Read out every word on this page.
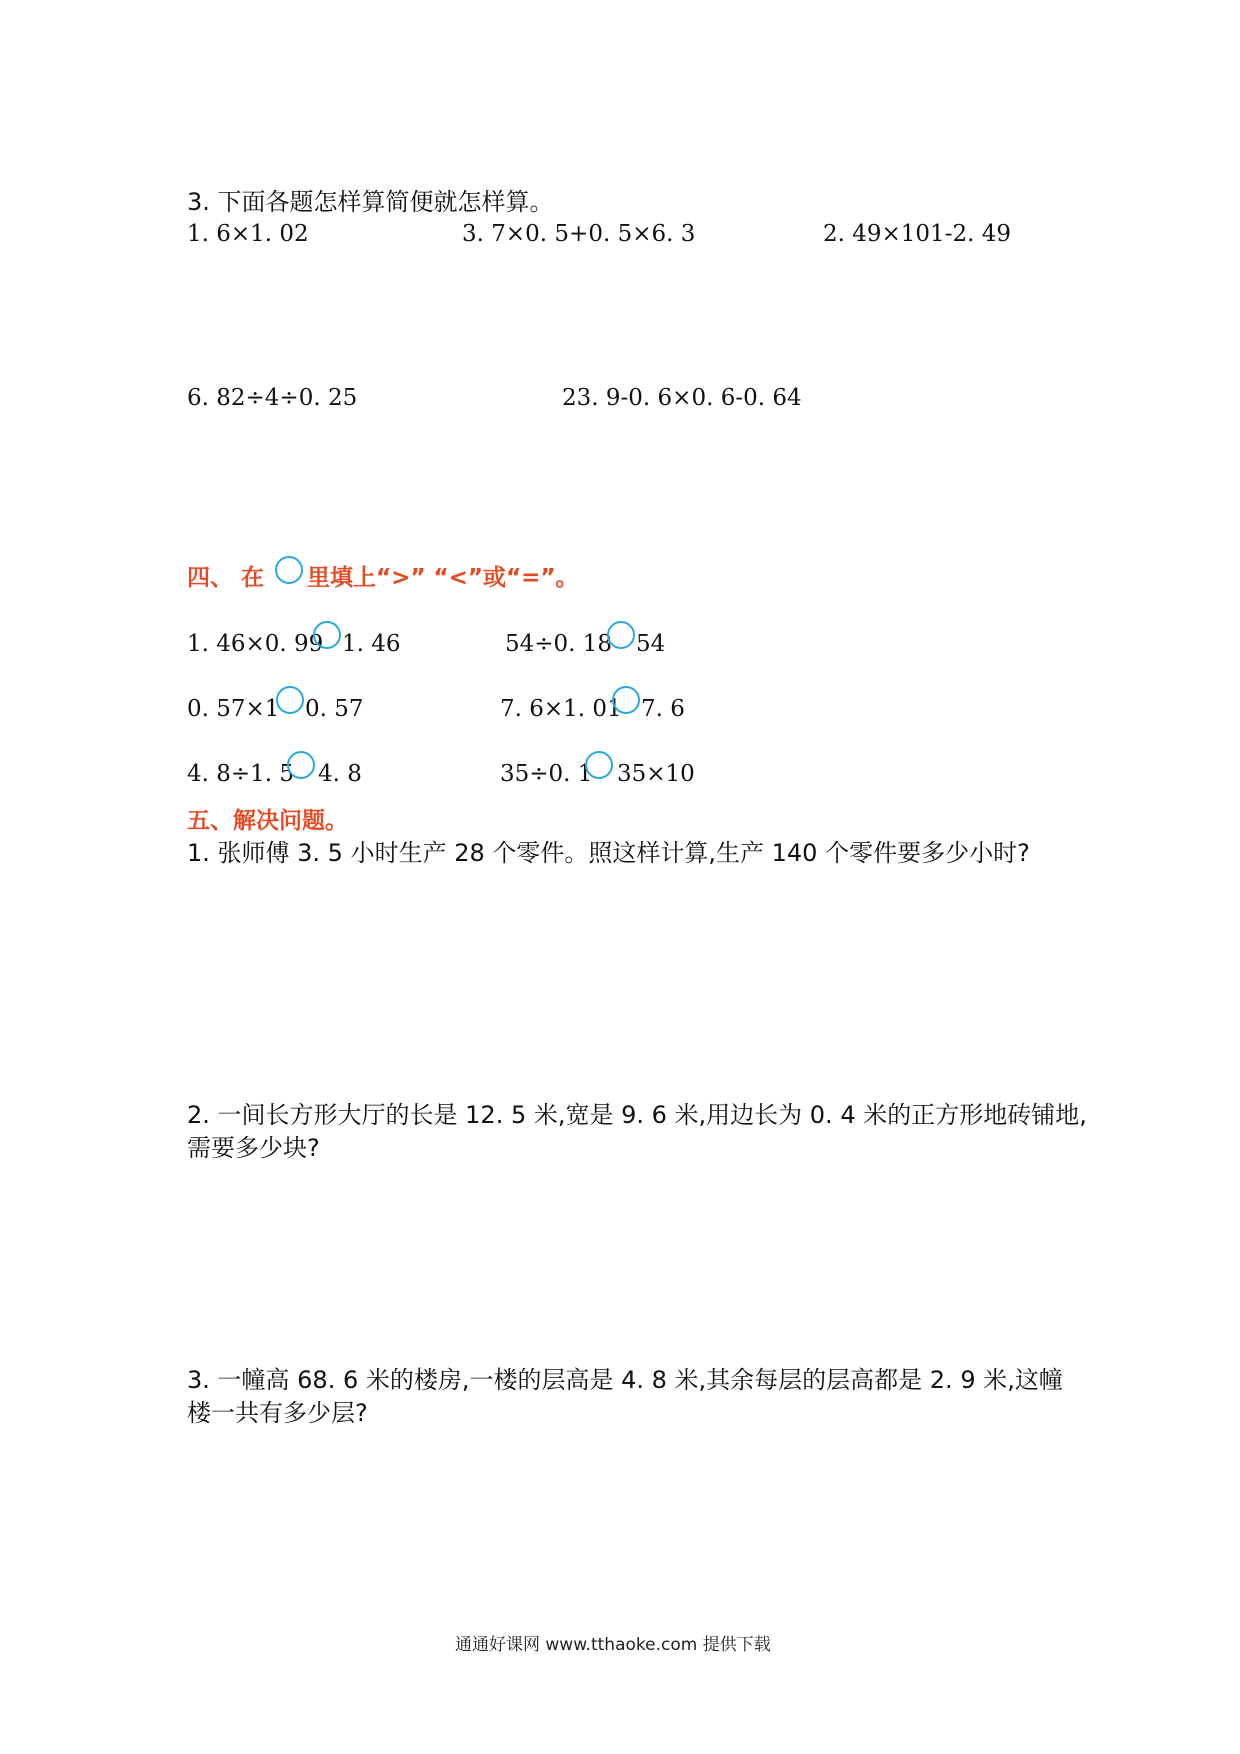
3. 下面各题怎样算简便就怎样算。
1. 6×1. 02	3. 7×0. 5+0. 5×6. 3	2. 49×101-2. 49
6. 82÷4÷0. 25	23. 9-0. 6×0. 6-0. 64
四、 在 里填上“>” “<”或“=”。
1. 46×0. 99 1. 46	54÷0. 18 54
0. 57×1 0. 57	7. 6×1. 01 7. 6
4. 8÷1. 5 4. 8	35÷0. 1 35×10
五、解决问题。
1. 张师傅 3. 5 小时生产 28 个零件。照这样计算,生产 140 个零件要多少小时?
2. 一间长方形大厅的长是 12. 5 米,宽是 9. 6 米,用边长为 0. 4 米的正方形地砖铺地,
需要多少块?
3. 一幢高 68. 6 米的楼房,一楼的层高是 4. 8 米,其余每层的层高都是 2. 9 米,这幢
楼一共有多少层?
通通好课网 www.tthaoke.com 提供下载
